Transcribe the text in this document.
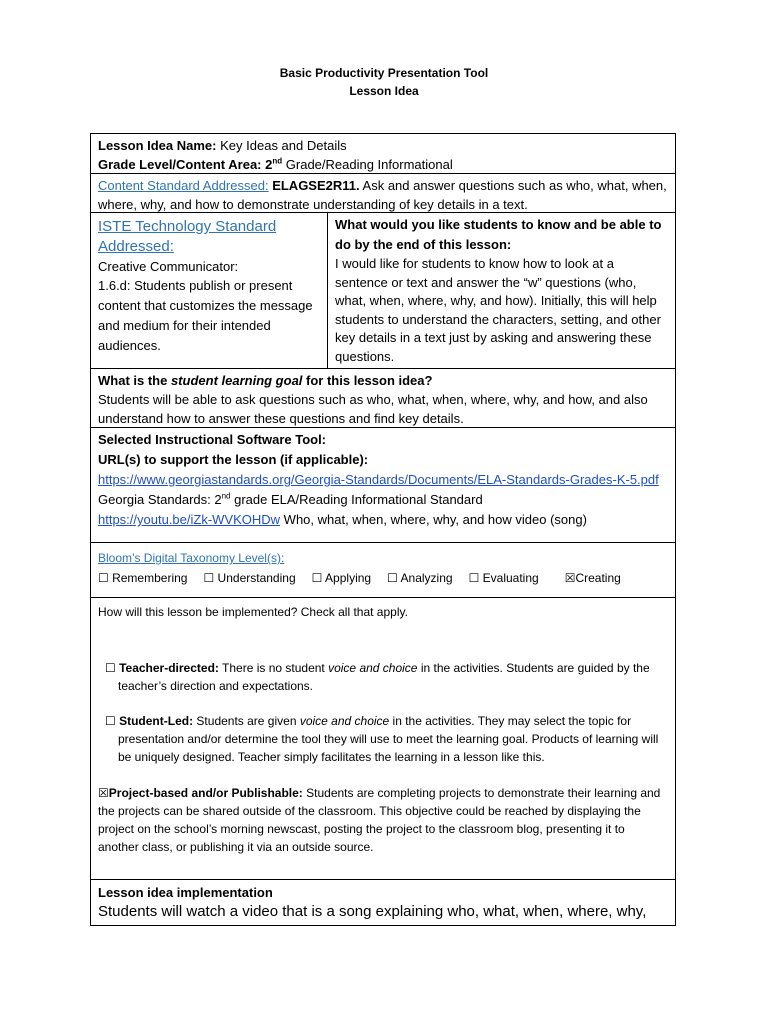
Basic Productivity Presentation Tool
Lesson Idea
Lesson Idea Name: Key Ideas and Details
Grade Level/Content Area: 2nd Grade/Reading Informational
Content Standard Addressed: ELAGSE2R11. Ask and answer questions such as who, what, when, where, why, and how to demonstrate understanding of key details in a text.
ISTE Technology Standard Addressed:
Creative Communicator:
1.6.d: Students publish or present content that customizes the message and medium for their intended audiences.
What would you like students to know and be able to do by the end of this lesson:
I would like for students to know how to look at a sentence or text and answer the “w” questions (who, what, when, where, why, and how). Initially, this will help students to understand the characters, setting, and other key details in a text just by asking and answering these questions.
What is the student learning goal for this lesson idea?
Students will be able to ask questions such as who, what, when, where, why, and how, and also understand how to answer these questions and find key details.
Selected Instructional Software Tool:
URL(s) to support the lesson (if applicable):
https://www.georgiastandards.org/Georgia-Standards/Documents/ELA-Standards-Grades-K-5.pdf Georgia Standards: 2nd grade ELA/Reading Informational Standard
https://youtu.be/iZk-WVKOHDw Who, what, when, where, why, and how video (song)
Bloom’s Digital Taxonomy Level(s):
☐ Remembering ☐ Understanding ☐ Applying ☐ Analyzing ☐ Evaluating ☒Creating
How will this lesson be implemented? Check all that apply.
☐ Teacher-directed: There is no student voice and choice in the activities. Students are guided by the teacher’s direction and expectations.
☐ Student-Led: Students are given voice and choice in the activities. They may select the topic for presentation and/or determine the tool they will use to meet the learning goal. Products of learning will be uniquely designed. Teacher simply facilitates the learning in a lesson like this.
☒Project-based and/or Publishable: Students are completing projects to demonstrate their learning and the projects can be shared outside of the classroom. This objective could be reached by displaying the project on the school’s morning newscast, posting the project to the classroom blog, presenting it to another class, or publishing it via an outside source.
Lesson idea implementation
Students will watch a video that is a song explaining who, what, when, where, why,
